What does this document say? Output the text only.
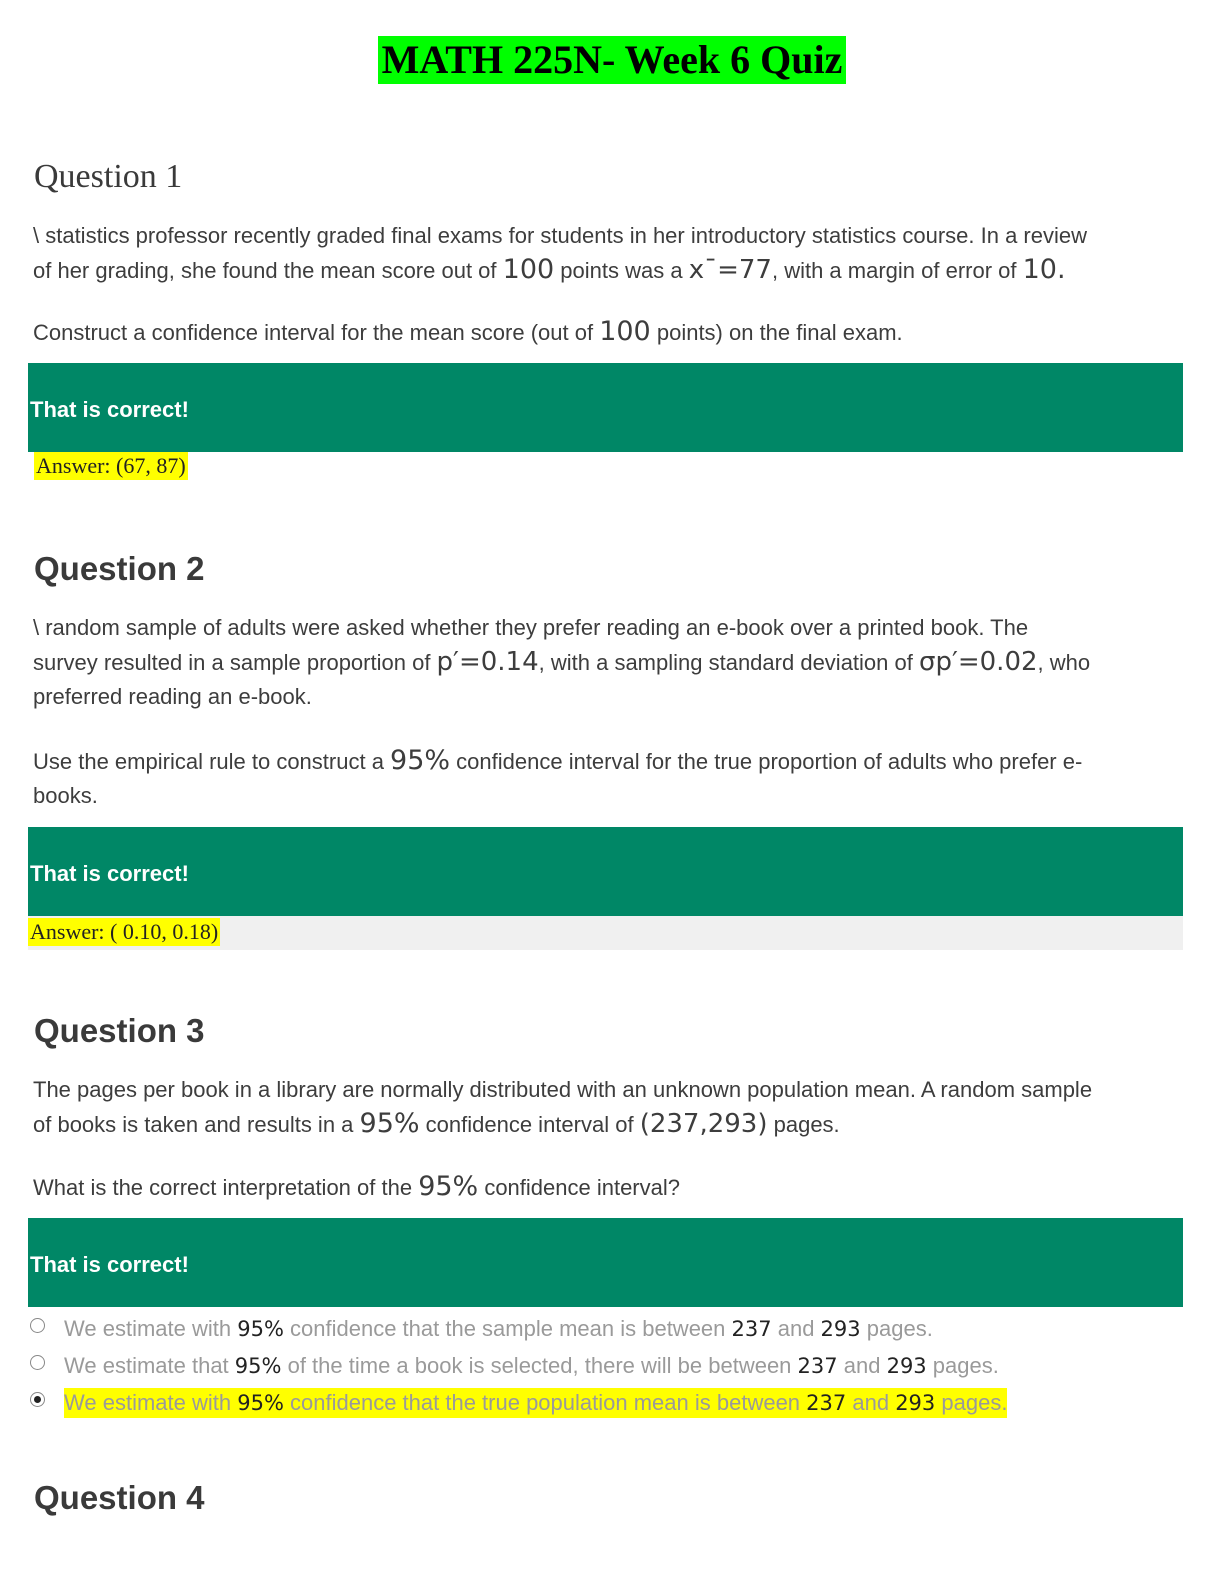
MATH 225N- Week 6 Quiz
Question 1

\ statistics professor recently graded final exams for students in her introductory statistics course. In a review
of her grading, she found the mean score out of 100 points was a x¯=77, with a margin of error of 10.

Construct a confidence interval for the mean score (out of 100 points) on the final exam.

That is correct!
Answer: (67, 87)
Question 2

\ random sample of adults were asked whether they prefer reading an e-book over a printed book. The
survey resulted in a sample proportion of p′=0.14, with a sampling standard deviation of σp′=0.02, who
preferred reading an e-book.

Use the empirical rule to construct a 95% confidence interval for the true proportion of adults who prefer e-
books.

That is correct!
Answer: ( 0.10, 0.18)
Question 3

The pages per book in a library are normally distributed with an unknown population mean. A random sample
of books is taken and results in a 95% confidence interval of (237,293) pages.

What is the correct interpretation of the 95% confidence interval?

That is correct!
We estimate with 95% confidence that the sample mean is between 237 and 293 pages.
We estimate that 95% of the time a book is selected, there will be between 237 and 293 pages.
We estimate with 95% confidence that the true population mean is between 237 and 293 pages.
Question 4
